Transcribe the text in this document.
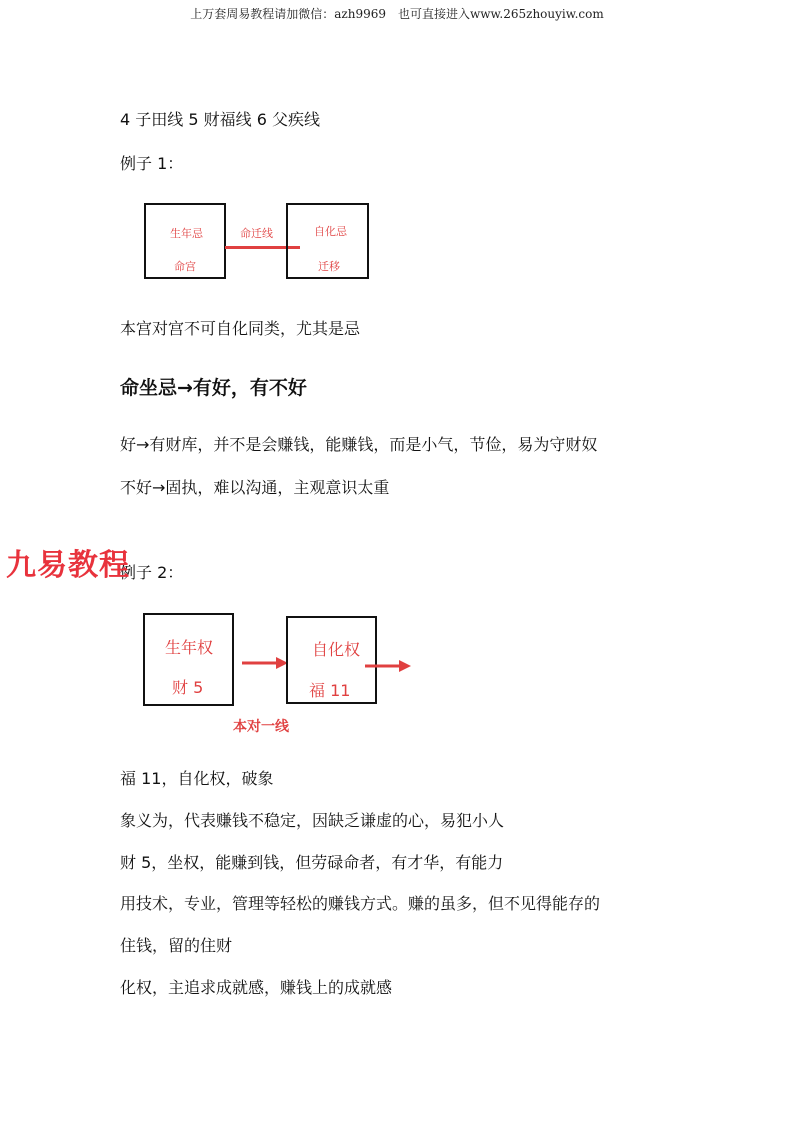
上万套周易教程请加微信：azh9969　也可直接进入www.265zhouyiw.com
4 子田线 5 财福线 6 父疾线
例子 1：
生年忌
命宫
命迁线	自化忌
迁移
本宫对宫不可自化同类，尤其是忌
命坐忌→有好，有不好
好→有财库，并不是会赚钱，能赚钱，而是小气，节俭，易为守财奴
不好→固执，难以沟通，主观意识太重
例子 2：
九易教程
生年权
财 5
自化权
福 11
本对一线
福 11，自化权，破象
象义为，代表赚钱不稳定，因缺乏谦虚的心，易犯小人
财 5，坐权，能赚到钱，但劳碌命者，有才华，有能力
用技术，专业，管理等轻松的赚钱方式。赚的虽多，但不见得能存的
住钱，留的住财
化权，主追求成就感，赚钱上的成就感
